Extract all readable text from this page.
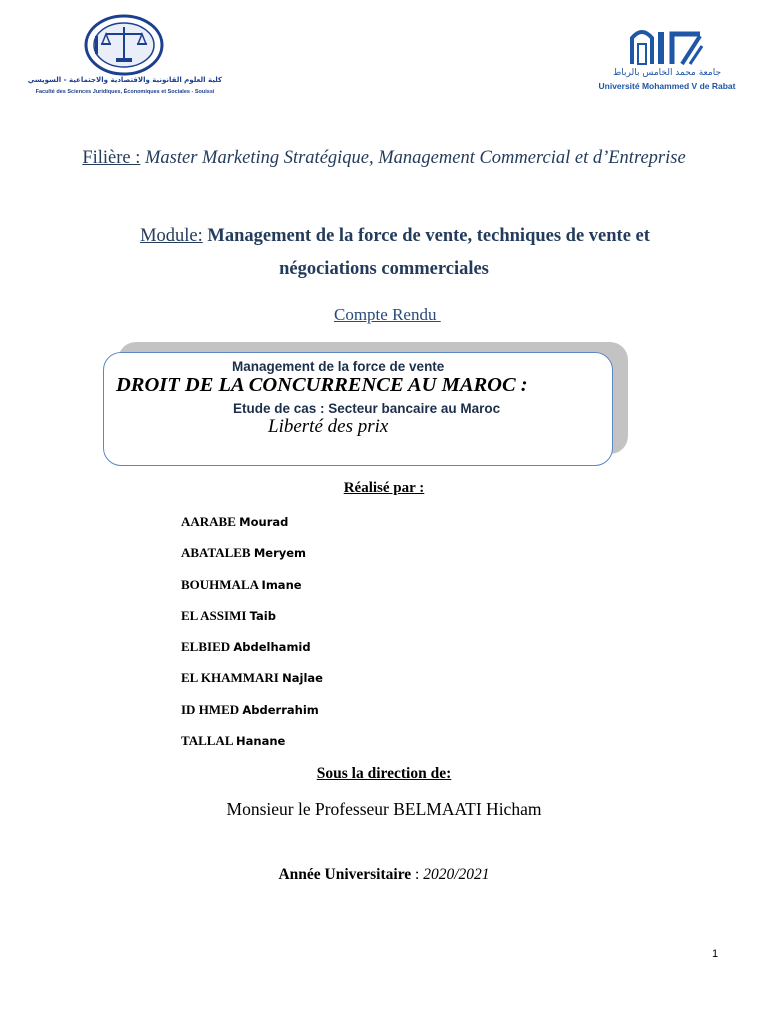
كلية العلوم القانونية والاقتصادية والاجتماعية - السويسي
Faculté des Sciences Juridiques, Économiques et Sociales - Souissi
جامعة محمد الخامس بالرباط
Université Mohammed V de Rabat
Filière : Master Marketing Stratégique, Management Commercial et d’Entreprise
Module: Management de la force de vente, techniques de vente et
négociations commerciales
Compte Rendu
Management de la force de vente
DROIT DE LA CONCURRENCE AU MAROC :
Etude de cas : Secteur bancaire au Maroc
Liberté des prix
Réalisé par :
AARABE Mourad
ABATALEB Meryem
BOUHMALA Imane
EL ASSIMI Taib
ELBIED Abdelhamid
EL KHAMMARI Najlae
ID HMED Abderrahim
TALLAL Hanane
Sous la direction de:
Monsieur le Professeur BELMAATI Hicham
Année Universitaire : 2020/2021
1
